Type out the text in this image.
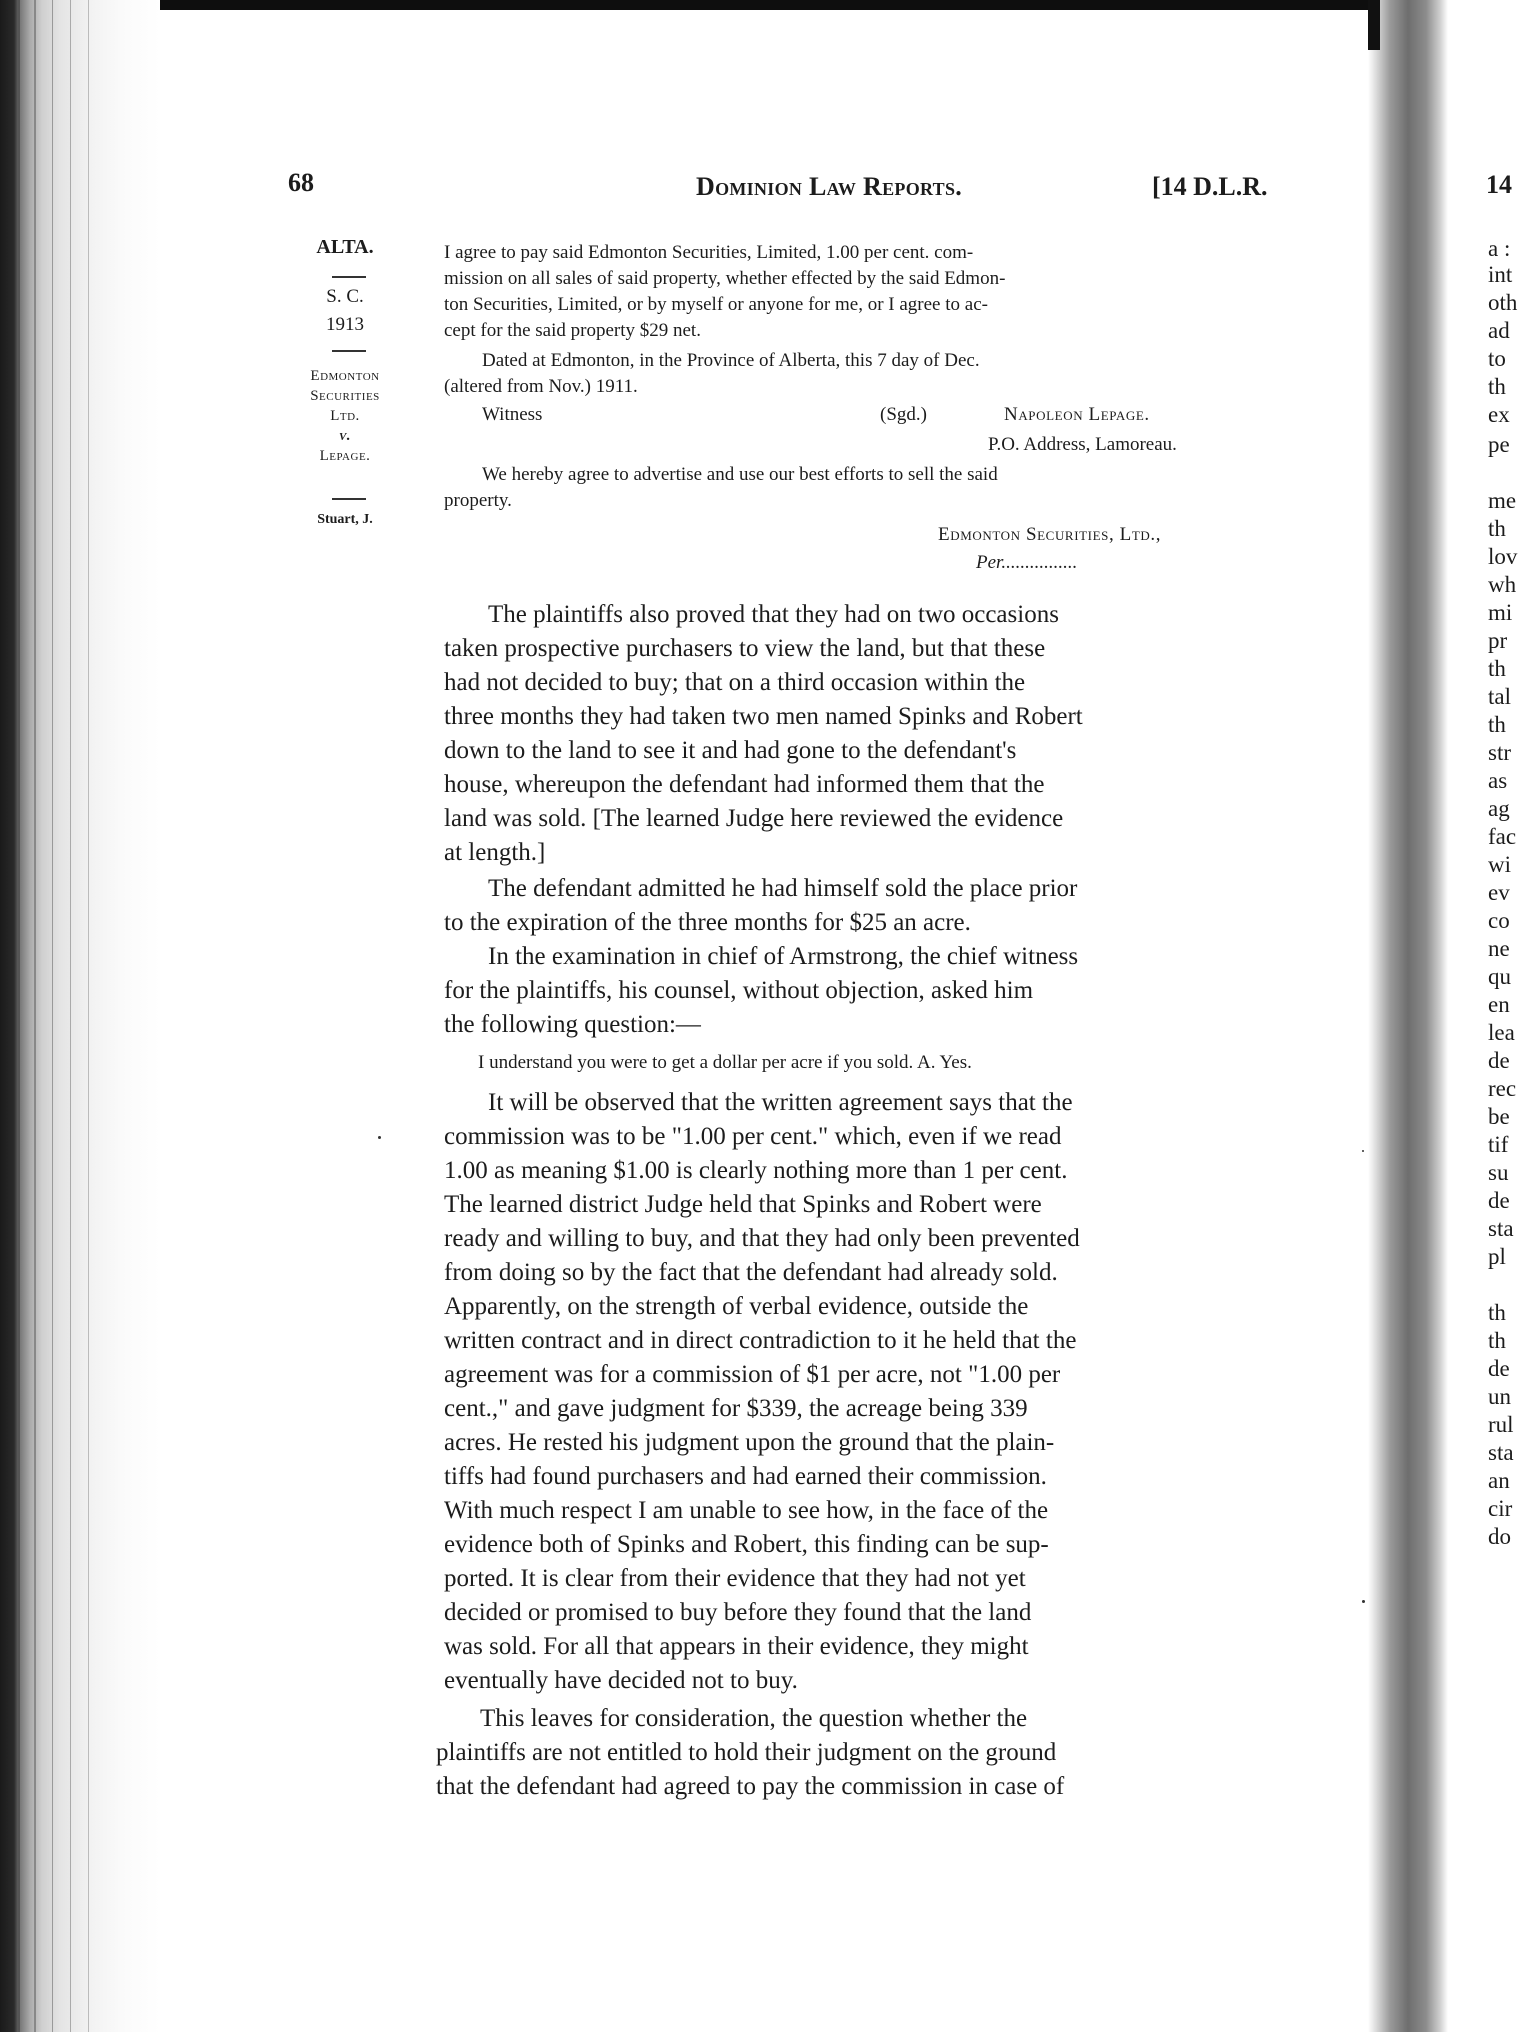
14
a :
int
oth
ad
to
th
ex
pe
me
th
lov
wh
mi
pr
th
tal
th
str
as
ag
fac
wi
ev
co
ne
qu
en
lea
de
rec
be
tif
su
de
sta
pl
th
th
de
un
rul
sta
an
cir
do
68	Dominion Law Reports.	[14 D.L.R.
ALTA.
S. C.
1913
Edmonton
Securities
Ltd.
v.
Lepage.
Stuart, J.
I agree to pay said Edmonton Securities, Limited, 1.00 per cent. com-
mission on all sales of said property, whether effected by the said Edmon-
ton Securities, Limited, or by myself or anyone for me, or I agree to ac-
cept for the said property $29 net.
Dated at Edmonton, in the Province of Alberta, this 7 day of Dec.
(altered from Nov.) 1911.
Witness	(Sgd.)	Napoleon Lepage.
P.O. Address, Lamoreau.
We hereby agree to advertise and use our best efforts to sell the said
property.
Edmonton Securities, Ltd.,
Per................
The plaintiffs also proved that they had on two occasions
taken prospective purchasers to view the land, but that these
had not decided to buy; that on a third occasion within the
three months they had taken two men named Spinks and Robert
down to the land to see it and had gone to the defendant's
house, whereupon the defendant had informed them that the
land was sold. [The learned Judge here reviewed the evidence
at length.]
The defendant admitted he had himself sold the place prior
to the expiration of the three months for $25 an acre.
In the examination in chief of Armstrong, the chief witness
for the plaintiffs, his counsel, without objection, asked him
the following question:—
I understand you were to get a dollar per acre if you sold. A. Yes.
It will be observed that the written agreement says that the
commission was to be "1.00 per cent." which, even if we read
1.00 as meaning $1.00 is clearly nothing more than 1 per cent.
The learned district Judge held that Spinks and Robert were
ready and willing to buy, and that they had only been prevented
from doing so by the fact that the defendant had already sold.
Apparently, on the strength of verbal evidence, outside the
written contract and in direct contradiction to it he held that the
agreement was for a commission of $1 per acre, not "1.00 per
cent.," and gave judgment for $339, the acreage being 339
acres. He rested his judgment upon the ground that the plain-
tiffs had found purchasers and had earned their commission.
With much respect I am unable to see how, in the face of the
evidence both of Spinks and Robert, this finding can be sup-
ported. It is clear from their evidence that they had not yet
decided or promised to buy before they found that the land
was sold. For all that appears in their evidence, they might
eventually have decided not to buy.
This leaves for consideration, the question whether the
plaintiffs are not entitled to hold their judgment on the ground
that the defendant had agreed to pay the commission in case of
